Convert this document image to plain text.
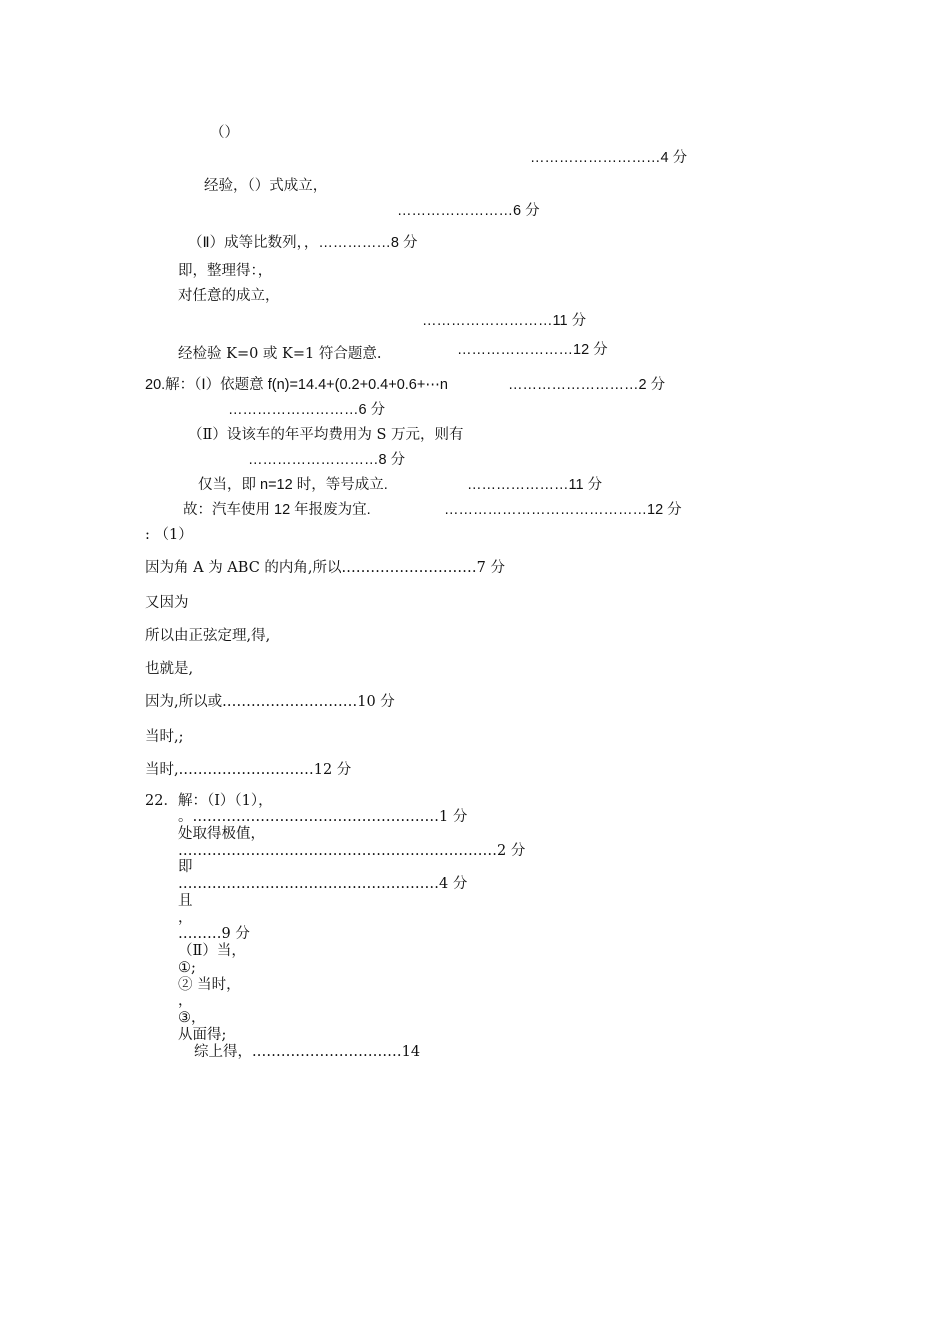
（）
………………………4 分
经验，（）式成立，
……………………6 分
（Ⅱ）成等比数列，，……………8 分
即，整理得：，
对任意的成立，
………………………11 分
经检验 K=0 或 K=1 符合题意.	……………………12 分
20.解：（Ⅰ）依题意 f(n)=14.4+(0.2+0.4+0.6+⋯n	………………………2 分
………………………6 分
（Ⅱ）设该车的年平均费用为 S 万元，则有
………………………8 分
仅当，即 n=12 时，等号成立.	…………………11 分
故：汽车使用 12 年报废为宜.	……………………………………12 分
: （1）
因为角 A 为 ABC 的内角,所以.………………………7 分
又因为
所以由正弦定理,得,
也就是,
因为,所以或.………………………10 分
当时,;
当时,.………………………12 分
22．解：（Ⅰ）（1），
。……………………………………………1 分
处取得极值，
…………………………………………………………2 分
即
………………………………………………4 分
且
，
………9 分
（Ⅱ）当，
①;
② 当时，
，
③，
从面得;
综上得，.…………………………14
